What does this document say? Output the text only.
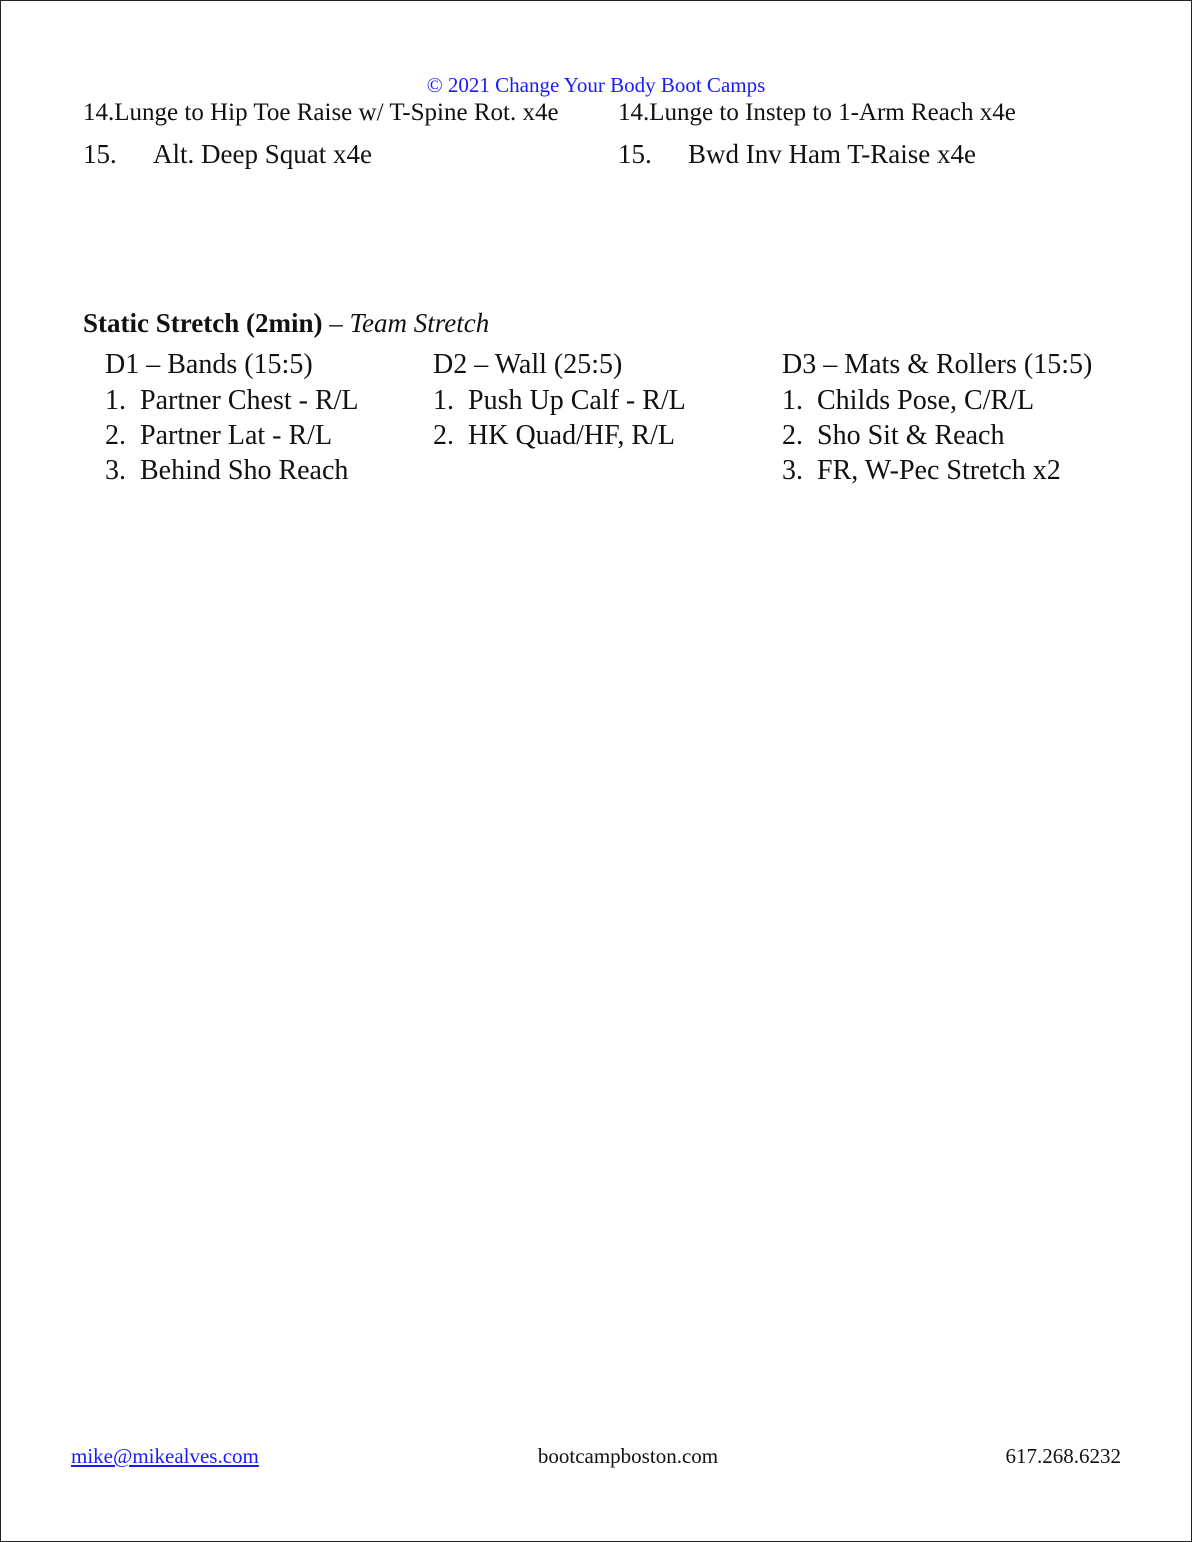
© 2021 Change Your Body Boot Camps
14.Lunge to Hip Toe Raise w/ T-Spine Rot. x4e 14.Lunge to Instep to 1-Arm Reach x4e
15. Alt. Deep Squat x4e	15. Bwd Inv Ham T-Raise x4e
Static Stretch (2min) – Team Stretch
D1 – Bands (15:5)
1. Partner Chest - R/L
2. Partner Lat - R/L
3. Behind Sho Reach
D2 – Wall (25:5)
1. Push Up Calf - R/L
2. HK Quad/HF, R/L
D3 – Mats & Rollers (15:5)
1. Childs Pose, C/R/L
2. Sho Sit & Reach
3. FR, W-Pec Stretch x2
mike@mikealves.com	bootcampboston.com	617.268.6232
